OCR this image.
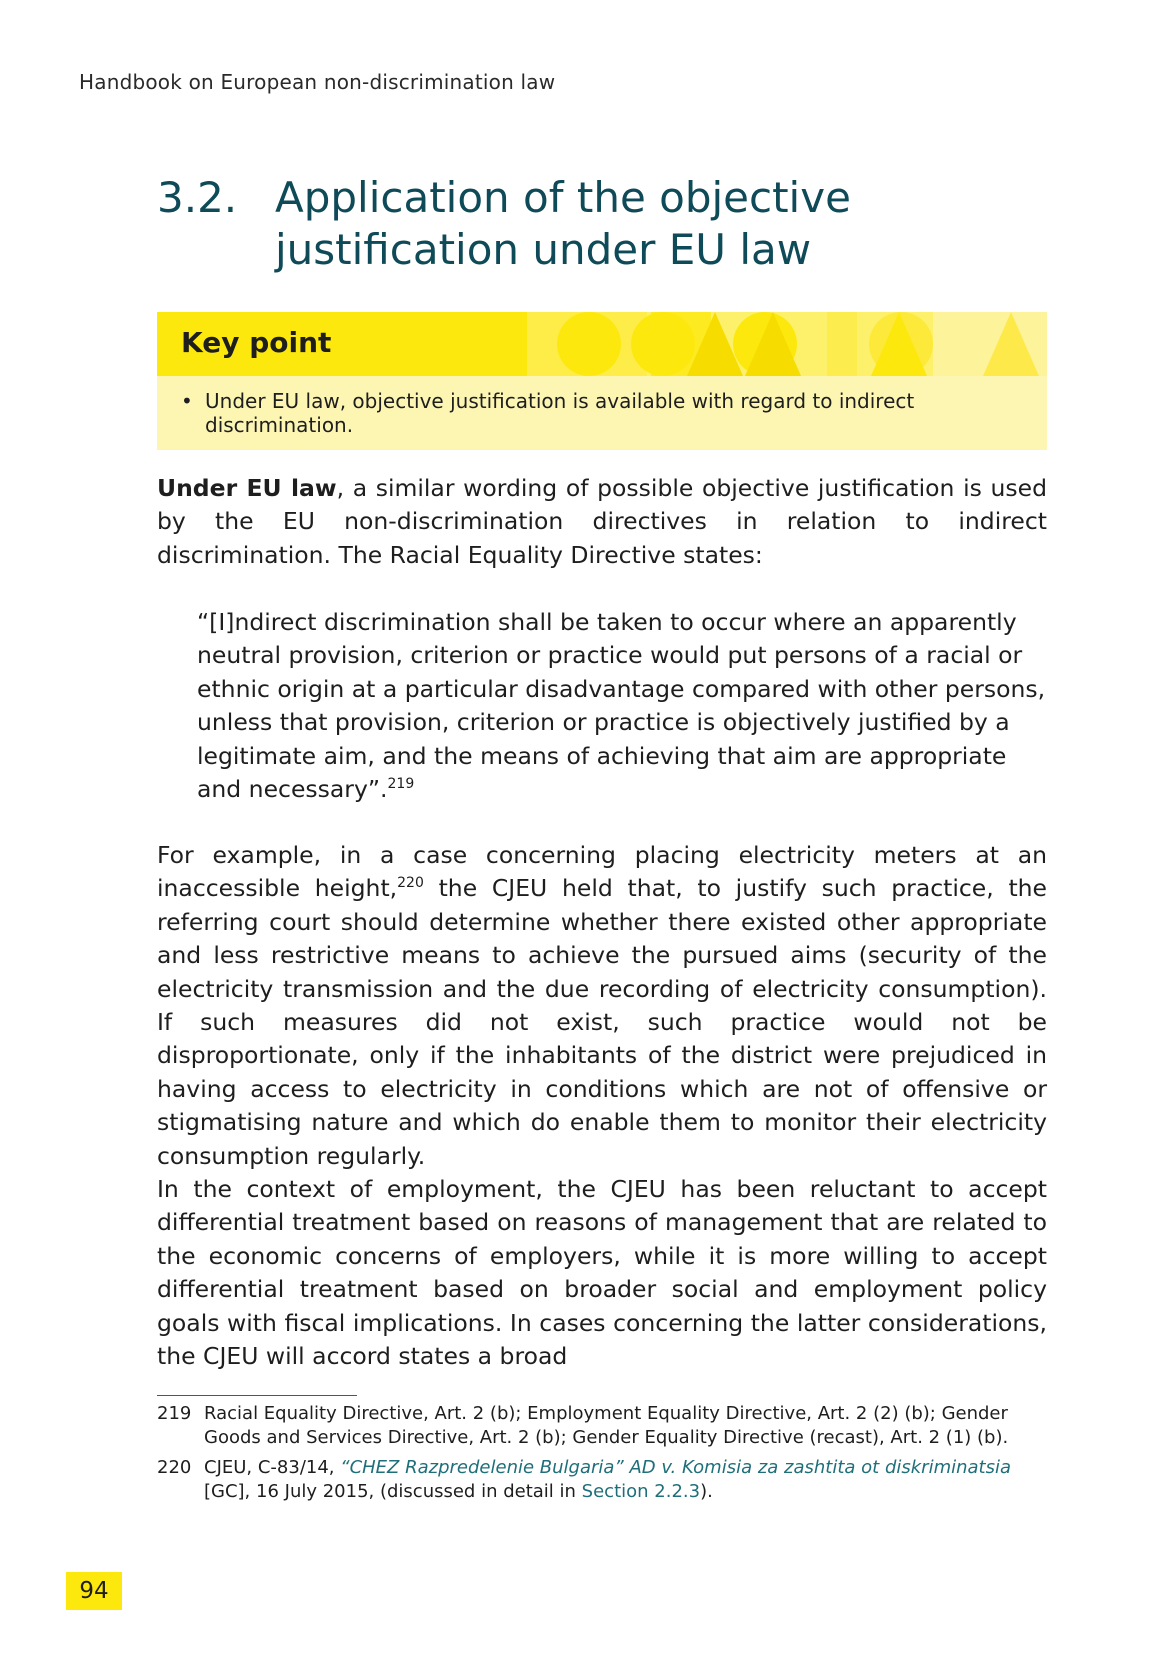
Handbook on European non-discrimination law
3.2. Application of the objective
justification under EU law
Key point
• Under EU law, objective justification is available with regard to indirect discrimination.

Under EU law, a similar wording of possible objective justification is used by the EU non-discrimination directives in relation to indirect discrimination. The Racial Equality Directive states:

“[I]ndirect discrimination shall be taken to occur where an apparently neutral provision, criterion or practice would put persons of a racial or ethnic origin at a particular disadvantage compared with other persons, unless that provision, criterion or practice is objectively justified by a legitimate aim, and the means of achieving that aim are appropriate and necessary”.$^{219}$

For example, in a case concerning placing electricity meters at an inaccessible height,$^{220}$ the CJEU held that, to justify such practice, the referring court should determine whether there existed other appropriate and less restrictive means to achieve the pursued aims (security of the electricity transmission and the due recording of electricity consumption). If such measures did not exist, such practice would not be disproportionate, only if the inhabitants of the district were prejudiced in having access to electricity in conditions which are not of offensive or stigmatising nature and which do enable them to monitor their electricity consumption regularly.

In the context of employment, the CJEU has been reluctant to accept differential treatment based on reasons of management that are related to the economic concerns of employers, while it is more willing to accept differential treatment based on broader social and employment policy goals with fiscal implications. In cases concerning the latter considerations, the CJEU will accord states a broad

219 Racial Equality Directive, Art. 2 (b); Employment Equality Directive, Art. 2 (2) (b); Gender Goods and Services Directive, Art. 2 (b); Gender Equality Directive (recast), Art. 2 (1) (b).
220 CJEU, C-83/14, “CHEZ Razpredelenie Bulgaria” AD v. Komisia za zashtita ot diskriminatsia [GC], 16 July 2015, (discussed in detail in Section 2.2.3).
94
